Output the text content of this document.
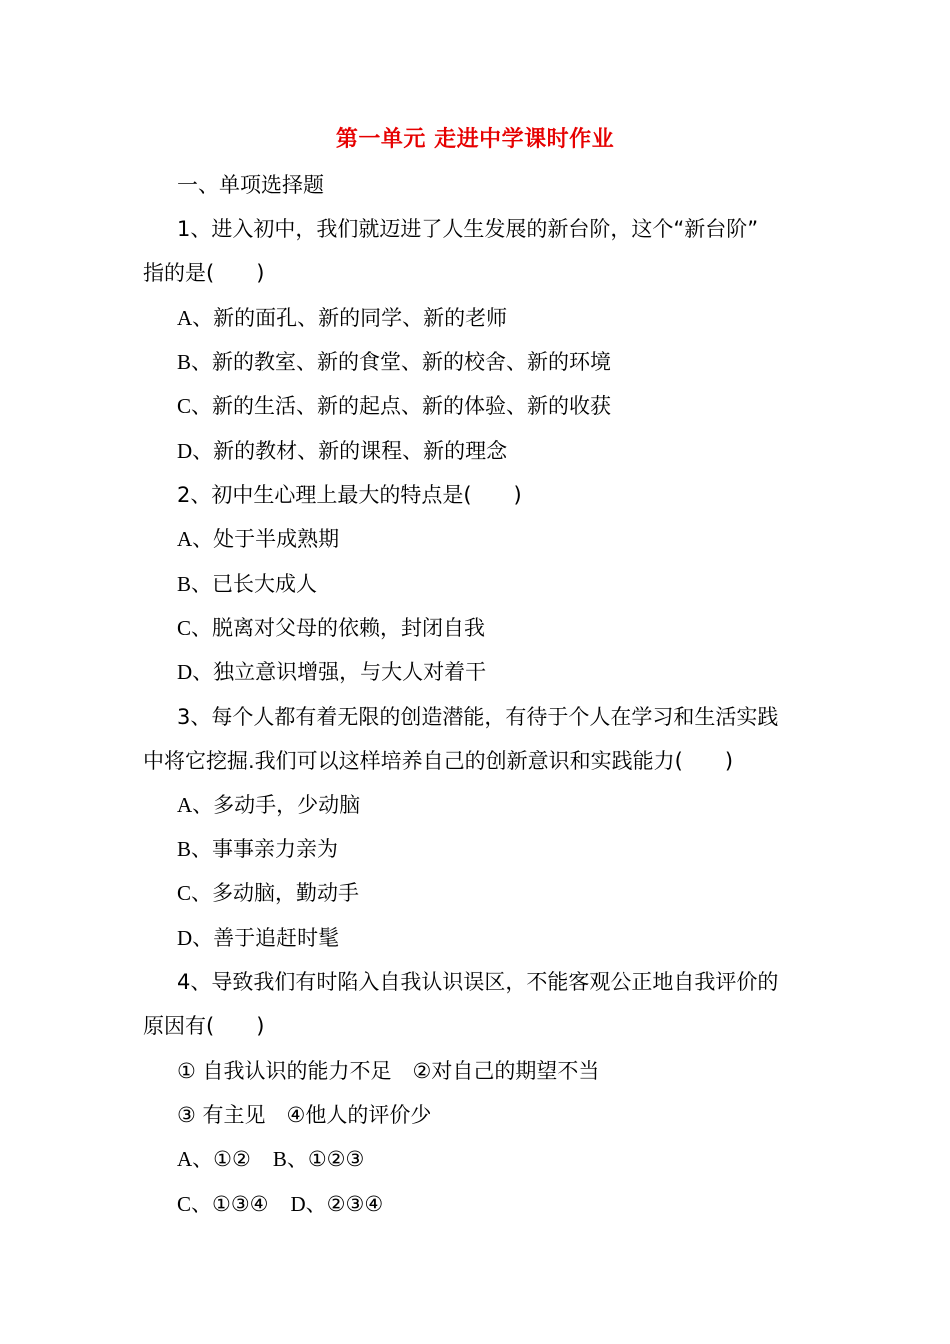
第一单元 走进中学课时作业
一、单项选择题
1、进入初中，我们就迈进了人生发展的新台阶，这个“新台阶”
指的是(　　)
A、新的面孔、新的同学、新的老师
B、新的教室、新的食堂、新的校舍、新的环境
C、新的生活、新的起点、新的体验、新的收获
D、新的教材、新的课程、新的理念
2、初中生心理上最大的特点是(　　)
A、处于半成熟期
B、已长大成人
C、脱离对父母的依赖，封闭自我
D、独立意识增强，与大人对着干
3、每个人都有着无限的创造潜能，有待于个人在学习和生活实践
中将它挖掘.我们可以这样培养自己的创新意识和实践能力(　　)
A、多动手，少动脑
B、事事亲力亲为
C、多动脑，勤动手
D、善于追赶时髦
4、导致我们有时陷入自我认识误区，不能客观公正地自我评价的
原因有(　　)
① 自我认识的能力不足　②对自己的期望不当
③ 有主见　④他人的评价少
A、①② B、①②③
C、①③④ D、②③④
